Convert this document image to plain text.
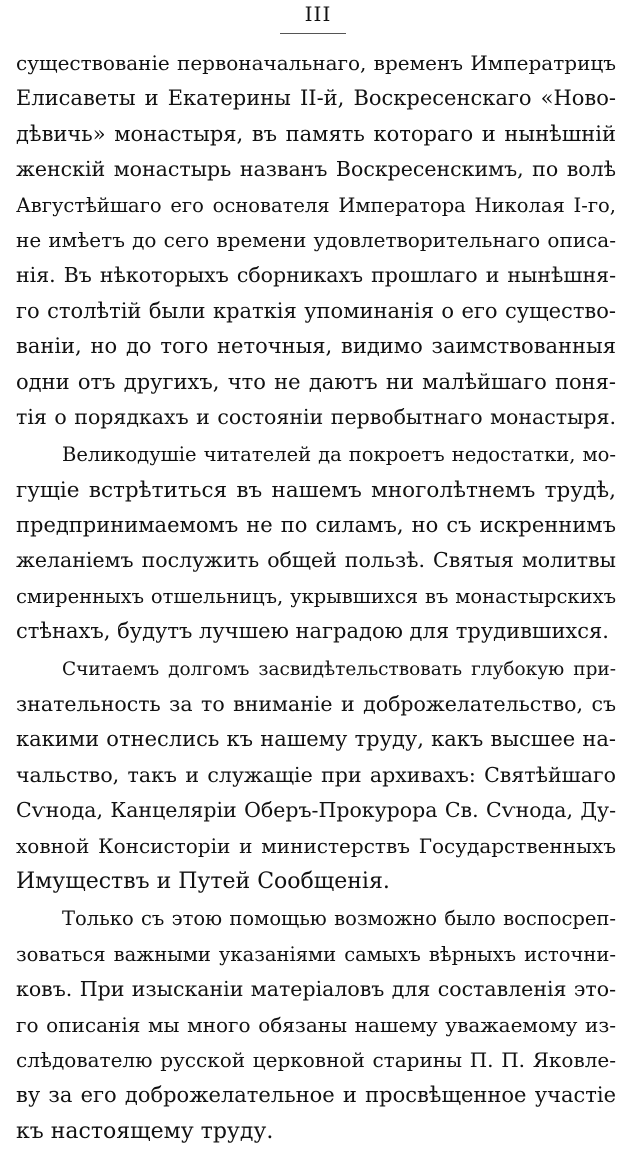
III
существованіе первоначальнаго, временъ Императрицъ
Елисаветы и Екатерины II-й, Воскресенскаго «Ново-
дѣвичь» монастыря, въ память котораго и нынѣшній
женскій монастырь названъ Воскресенскимъ, по волѣ
Августѣйшаго его основателя Императора Николая I-го,
не имѣетъ до сего времени удовлетворительнаго описа-
нія. Въ нѣкоторыхъ сборникахъ прошлаго и нынѣшня-
го столѣтій были краткія упоминанія о его существо-
ваніи, но до того неточныя, видимо заимствованныя
одни отъ другихъ, что не даютъ ни малѣйшаго поня-
тія о порядкахъ и состояніи первобытнаго монастыря.
Великодушіе читателей да покроетъ недостатки, мо-
гущіе встрѣтиться въ нашемъ многолѣтнемъ трудѣ,
предпринимаемомъ не по силамъ, но съ искреннимъ
желаніемъ послужить общей пользѣ. Святыя молитвы
смиренныхъ отшельницъ, укрывшихся въ монастырскихъ
стѣнахъ, будутъ лучшею наградою для трудившихся.
Считаемъ долгомъ засвидѣтельствовать глубокую при-
знательность за то вниманіе и доброжелательство, съ
какими отнеслись къ нашему труду, какъ высшее на-
чальство, такъ и служащіе при архивахъ: Святѣйшаго
Сѵнода, Канцеляріи Оберъ-Прокурора Св. Сѵнода, Ду-
ховной Консисторіи и министерствъ Государственныхъ
Имуществъ и Путей Сообщенія.
Только съ этою помощью возможно было воспосреп-
зоваться важными указаніями самыхъ вѣрныхъ источни-
ковъ. При изысканіи матеріаловъ для составленія это-
го описанія мы много обязаны нашему уважаемому из-
слѣдователю русской церковной старины П. П. Яковле-
ву за его доброжелательное и просвѣщенное участіе
къ настоящему труду.
